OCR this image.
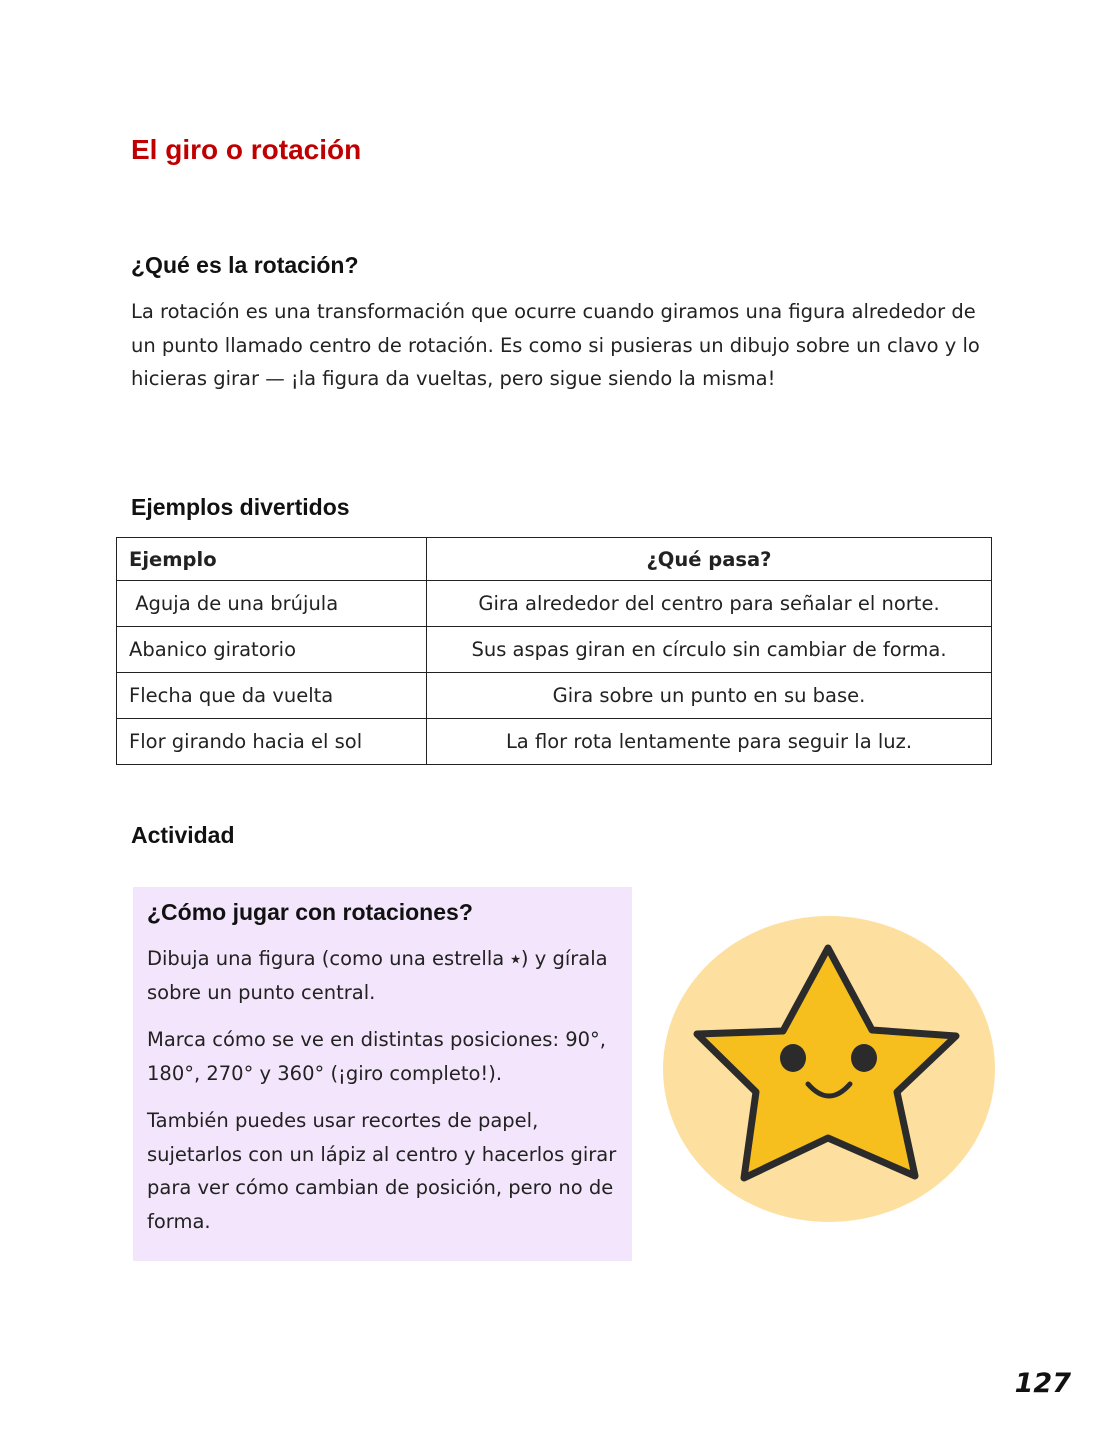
El giro o rotación
¿Qué es la rotación?

La rotación es una transformación que ocurre cuando giramos una figura alrededor de un punto llamado centro de rotación. Es como si pusieras un dibujo sobre un clavo y lo hicieras girar — ¡la figura da vueltas, pero sigue siendo la misma!

Ejemplos divertidos
Ejemplo	¿Qué pasa?
Aguja de una brújula	Gira alrededor del centro para señalar el norte.
Abanico giratorio	Sus aspas giran en círculo sin cambiar de forma.
Flecha que da vuelta	Gira sobre un punto en su base.
Flor girando hacia el sol	La flor rota lentamente para seguir la luz.
Actividad
¿Cómo jugar con rotaciones?

Dibuja una figura (como una estrella ⭑) y gírala sobre un punto central.

Marca cómo se ve en distintas posiciones: 90°, 180°, 270° y 360° (¡giro completo!).

También puedes usar recortes de papel, sujetarlos con un lápiz al centro y hacerlos girar para ver cómo cambian de posición, pero no de forma.

127
